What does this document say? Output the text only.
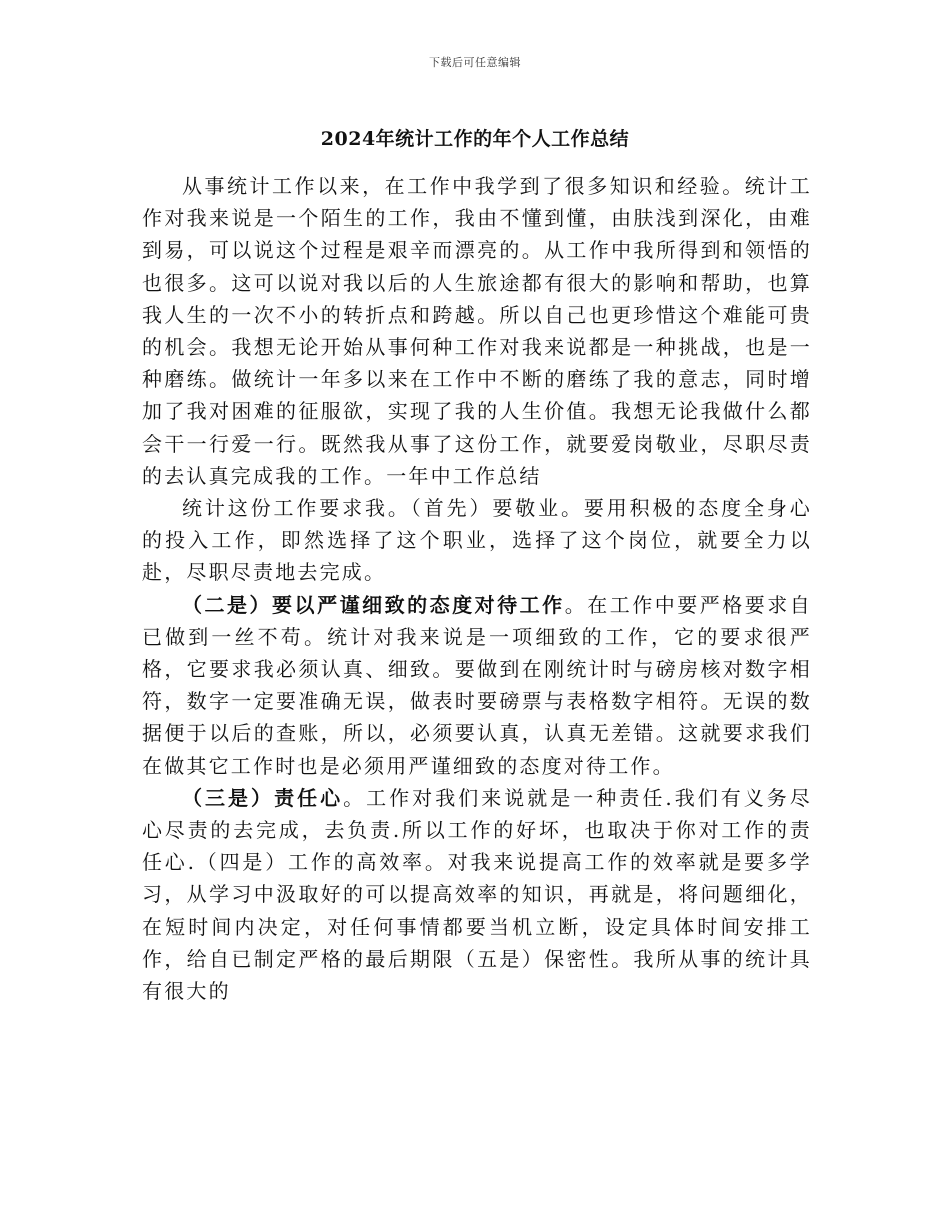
下载后可任意编辑
2024年统计工作的年个人工作总结

从事统计工作以来，在工作中我学到了很多知识和经验。统计工作对我来说是一个陌生的工作，我由不懂到懂，由肤浅到深化，由难到易，可以说这个过程是艰辛而漂亮的。从工作中我所得到和领悟的也很多。这可以说对我以后的人生旅途都有很大的影响和帮助，也算我人生的一次不小的转折点和跨越。所以自己也更珍惜这个难能可贵的机会。我想无论开始从事何种工作对我来说都是一种挑战，也是一种磨练。做统计一年多以来在工作中不断的磨练了我的意志，同时增加了我对困难的征服欲，实现了我的人生价值。我想无论我做什么都会干一行爱一行。既然我从事了这份工作，就要爱岗敬业，尽职尽责的去认真完成我的工作。一年中工作总结

统计这份工作要求我。（首先）要敬业。要用积极的态度全身心的投入工作，即然选择了这个职业，选择了这个岗位，就要全力以赴，尽职尽责地去完成。

（二是）要以严谨细致的态度对待工作。在工作中要严格要求自已做到一丝不苟。统计对我来说是一项细致的工作，它的要求很严格，它要求我必须认真、细致。要做到在刚统计时与磅房核对数字相符，数字一定要准确无误，做表时要磅票与表格数字相符。无误的数据便于以后的查账，所以，必须要认真，认真无差错。这就要求我们在做其它工作时也是必须用严谨细致的态度对待工作。

（三是）责任心。工作对我们来说就是一种责任.我们有义务尽心尽责的去完成，去负责.所以工作的好坏，也取决于你对工作的责任心.（四是）工作的高效率。对我来说提高工作的效率就是要多学习，从学习中汲取好的可以提高效率的知识，再就是，将问题细化，在短时间内决定，对任何事情都要当机立断，设定具体时间安排工作，给自已制定严格的最后期限（五是）保密性。我所从事的统计具有很大的
